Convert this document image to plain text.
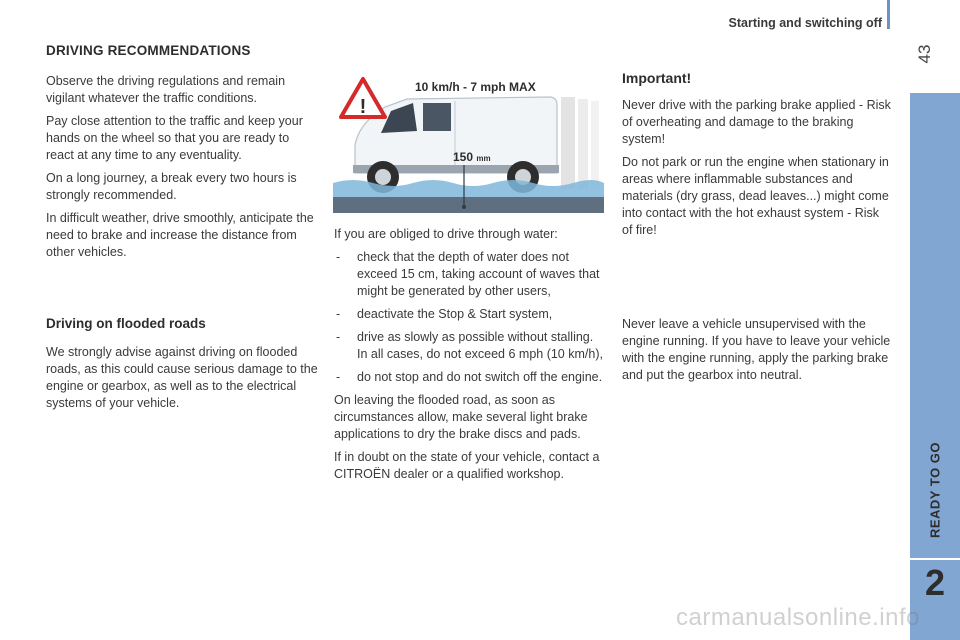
Starting and switching off
43
READY TO GO
2
DRIVING RECOMMENDATIONS

Observe the driving regulations and remain vigilant whatever the traffic conditions.

Pay close attention to the traffic and keep your hands on the wheel so that you are ready to react at any time to any eventuality.

On a long journey, a break every two hours is strongly recommended.

In difficult weather, drive smoothly, anticipate the need to brake and increase the distance from other vehicles.

Driving on flooded roads

We strongly advise against driving on flooded roads, as this could cause serious damage to the engine or gearbox, as well as to the electrical systems of your vehicle.

!
10 km/h - 7 mph MAX
150 mm

If you are obliged to drive through water:

- check that the depth of water does not exceed 15 cm, taking account of waves that might be generated by other users,
- deactivate the Stop & Start system,
- drive as slowly as possible without stalling. In all cases, do not exceed 6 mph (10 km/h),
- do not stop and do not switch off the engine.

On leaving the flooded road, as soon as circumstances allow, make several light brake applications to dry the brake discs and pads.

If in doubt on the state of your vehicle, contact a CITROËN dealer or a qualified workshop.

Important!

Never drive with the parking brake applied - Risk of overheating and damage to the braking system!

Do not park or run the engine when stationary in areas where inflammable substances and materials (dry grass, dead leaves...) might come into contact with the hot exhaust system - Risk of fire!

Never leave a vehicle unsupervised with the engine running. If you have to leave your vehicle with the engine running, apply the parking brake and put the gearbox into neutral.

carmanualsonline.info
